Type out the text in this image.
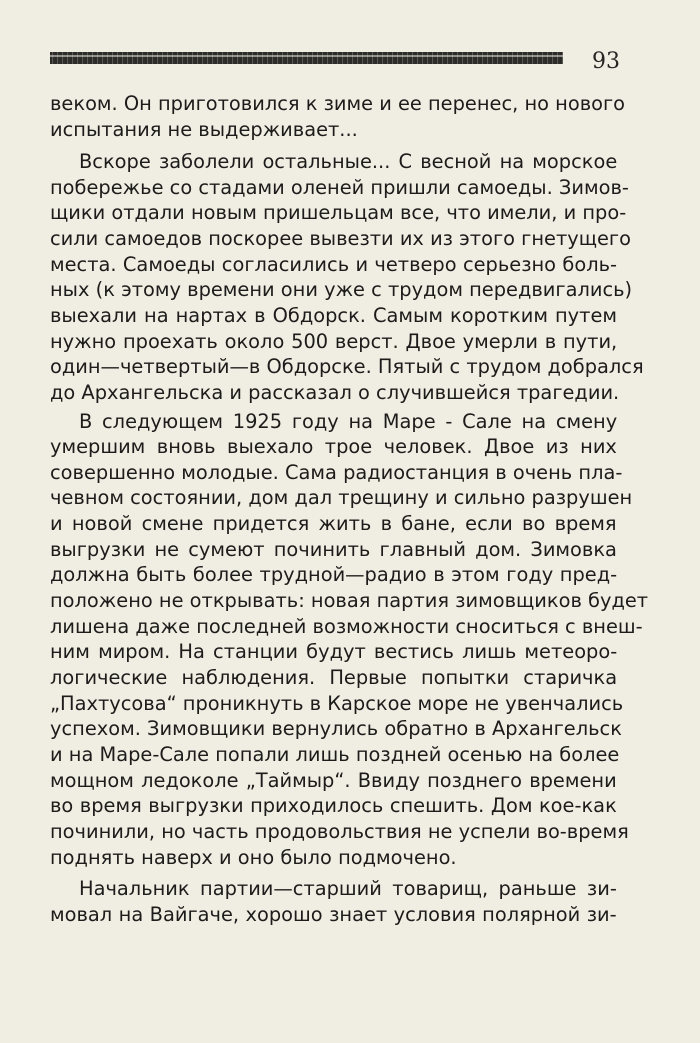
93
веком. Он приготовился к зиме и ее перенес, но нового
испытания не выдерживает...
Вскоре заболели остальные... С весной на морское
побережье со стадами оленей пришли самоеды. Зимов-
щики отдали новым пришельцам все, что имели, и про-
сили самоедов поскорее вывезти их из этого гнетущего
места. Самоеды согласились и четверо серьезно боль-
ных (к этому времени они уже с трудом передвигались)
выехали на нартах в Обдорск. Самым коротким путем
нужно проехать около 500 верст. Двое умерли в пути,
один—четвертый—в Обдорске. Пятый с трудом добрался
до Архангельска и рассказал о случившейся трагедии.
В следующем 1925 году на Маре - Сале на смену
умершим вновь выехало трое человек. Двое из них
совершенно молодые. Сама радиостанция в очень пла-
чевном состоянии, дом дал трещину и сильно разрушен
и новой смене придется жить в бане, если во время
выгрузки не сумеют починить главный дом. Зимовка
должна быть более трудной—радио в этом году пред-
положено не открывать: новая партия зимовщиков будет
лишена даже последней возможности сноситься с внеш-
ним миром. На станции будут вестись лишь метеоро-
логические наблюдения. Первые попытки старичка
„Пахтусова“ проникнуть в Карское море не увенчались
успехом. Зимовщики вернулись обратно в Архангельск
и на Маре-Сале попали лишь поздней осенью на более
мощном ледоколе „Таймыр“. Ввиду позднего времени
во время выгрузки приходилось спешить. Дом кое-как
починили, но часть продовольствия не успели во-время
поднять наверх и оно было подмочено.
Начальник партии—старший товарищ, раньше зи-
мовал на Вайгаче, хорошо знает условия полярной зи-
